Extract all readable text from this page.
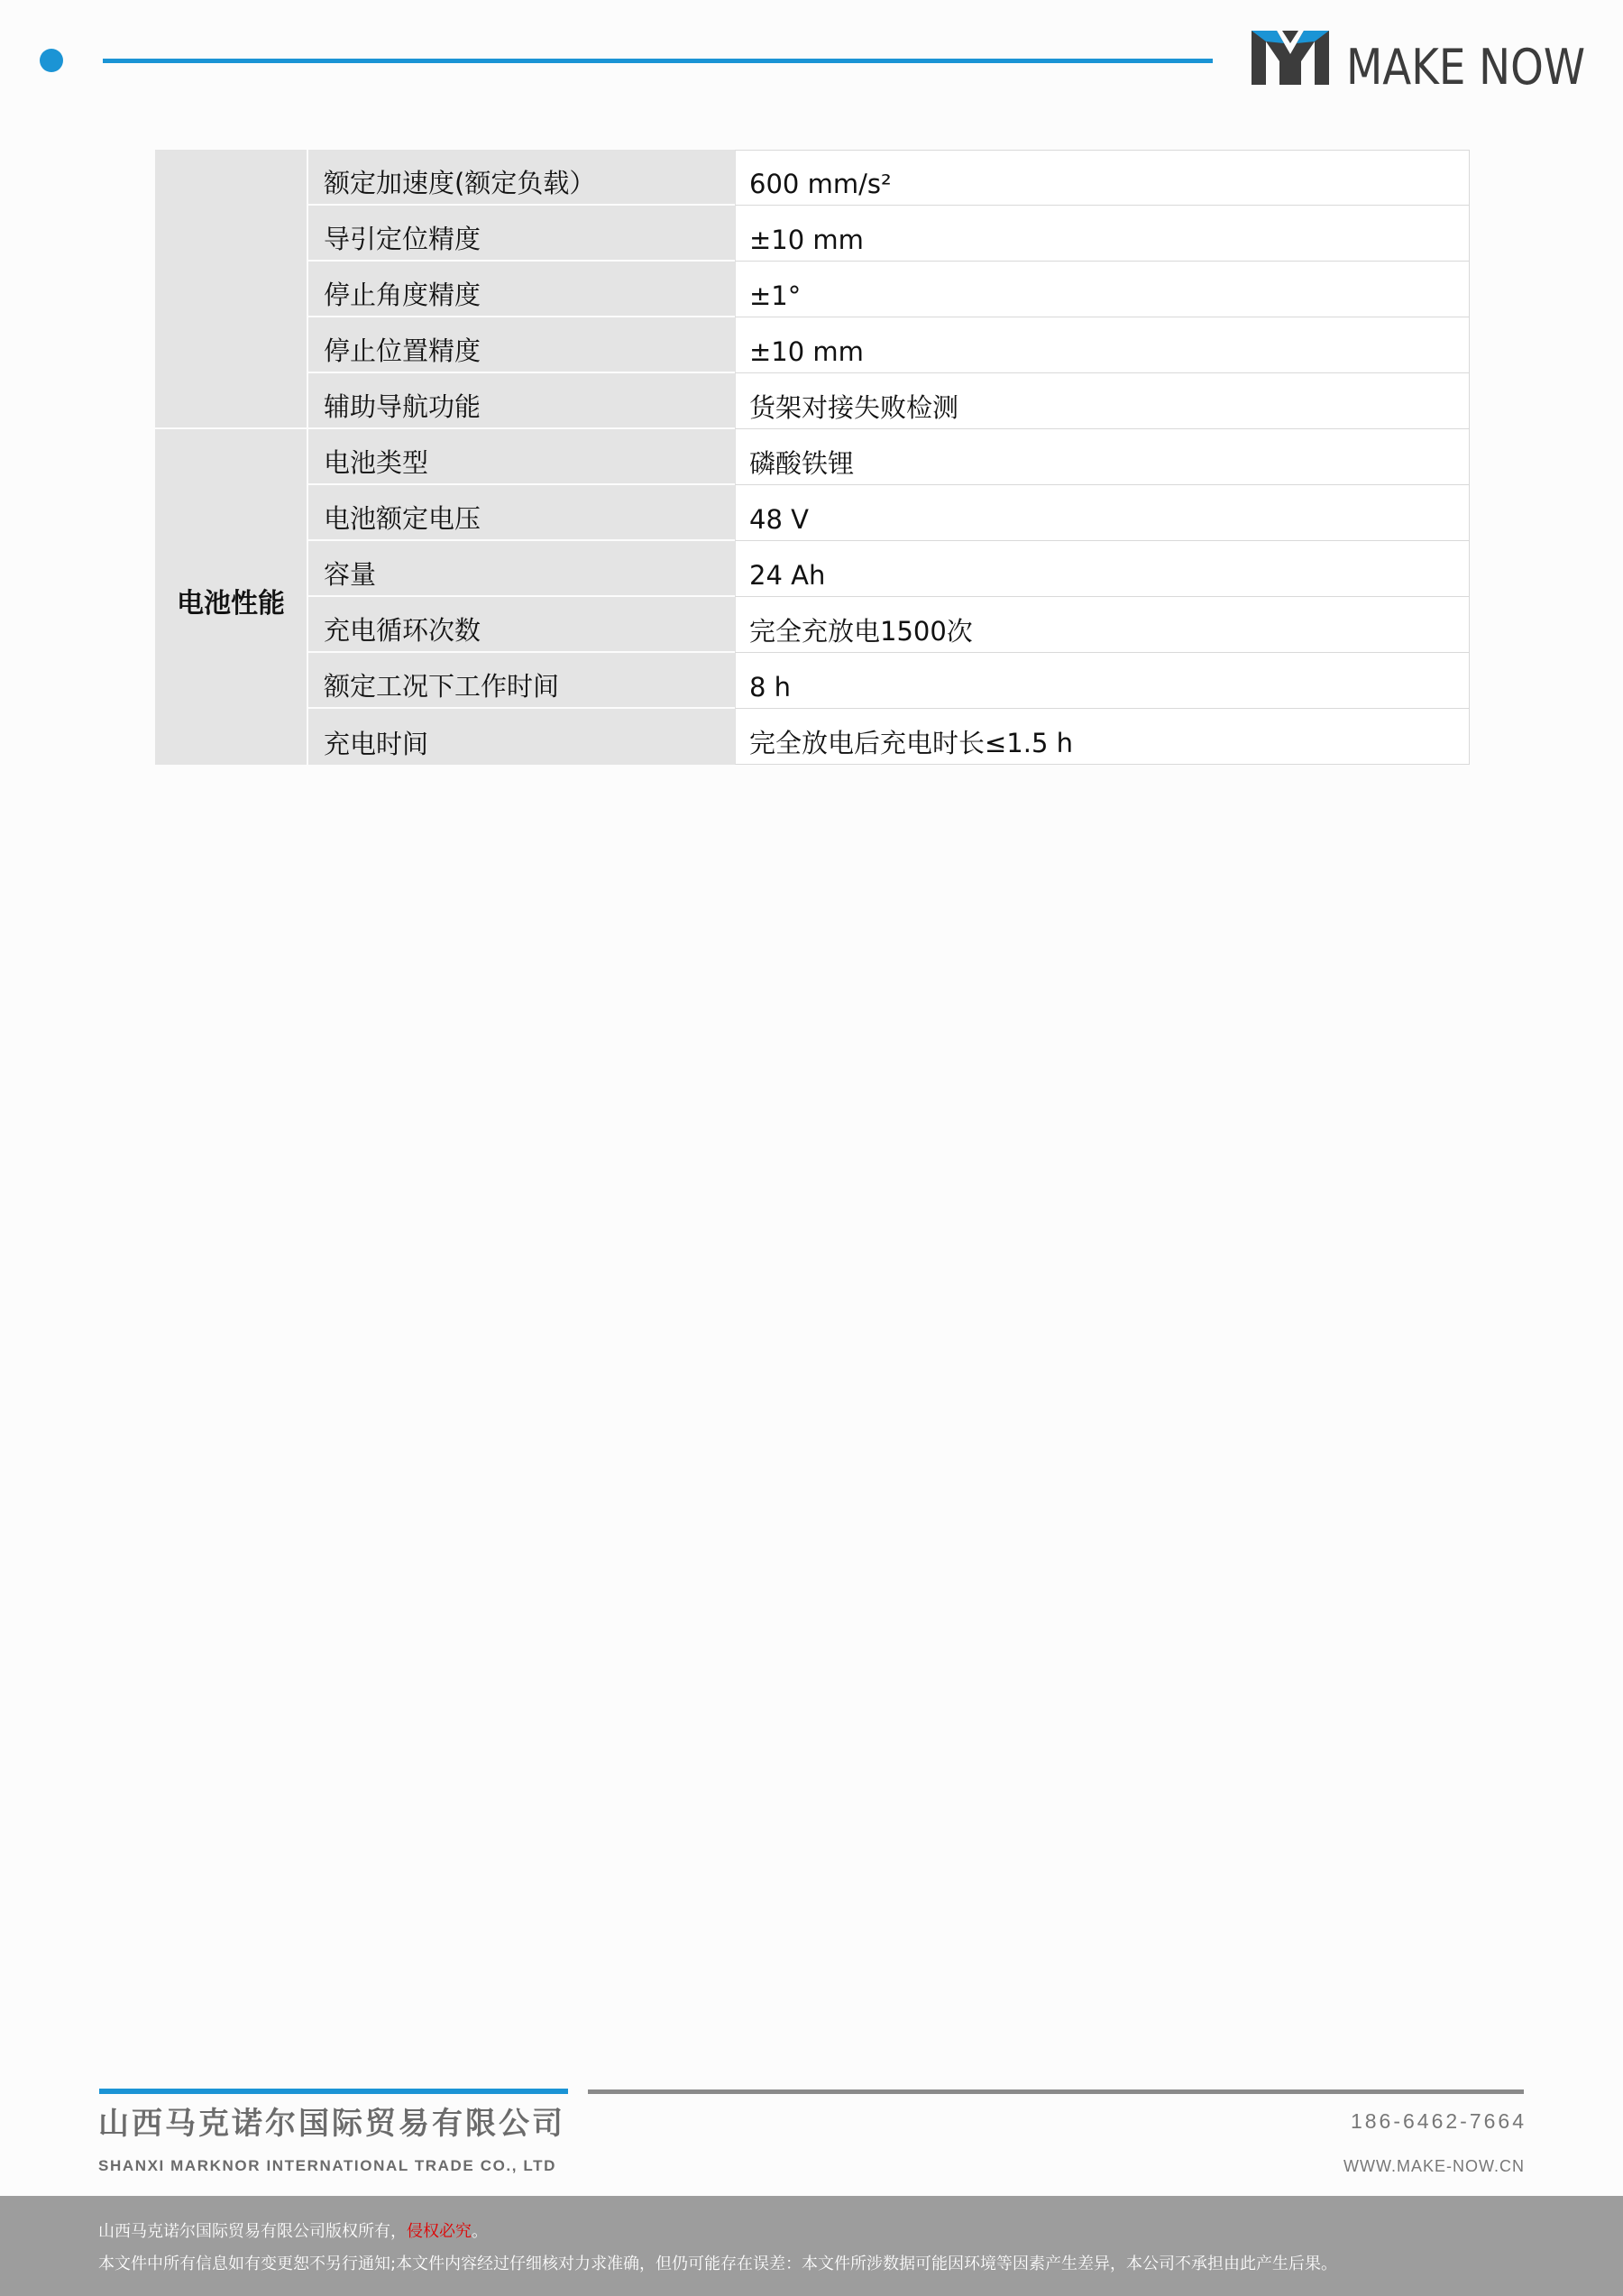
MAKE NOW
额定加速度(额定负载）	600 mm/s²
导引定位精度	±10 mm
停止角度精度	±1°
停止位置精度	±10 mm
辅助导航功能	货架对接失败检测
电池性能
电池类型	磷酸铁锂
电池额定电压	48 V
容量	24 Ah
充电循环次数	完全充放电1500次
额定工况下工作时间	8 h
充电时间	完全放电后充电时长≤1.5 h
山西马克诺尔国际贸易有限公司
SHANXI MARKNOR INTERNATIONAL TRADE CO., LTD
186-6462-7664
WWW.MAKE-NOW.CN
山西马克诺尔国际贸易有限公司版权所有，侵权必究。
本文件中所有信息如有变更恕不另行通知;本文件内容经过仔细核对力求准确，但仍可能存在误差：本文件所涉数据可能因环境等因素产生差异，本公司不承担由此产生后果。
